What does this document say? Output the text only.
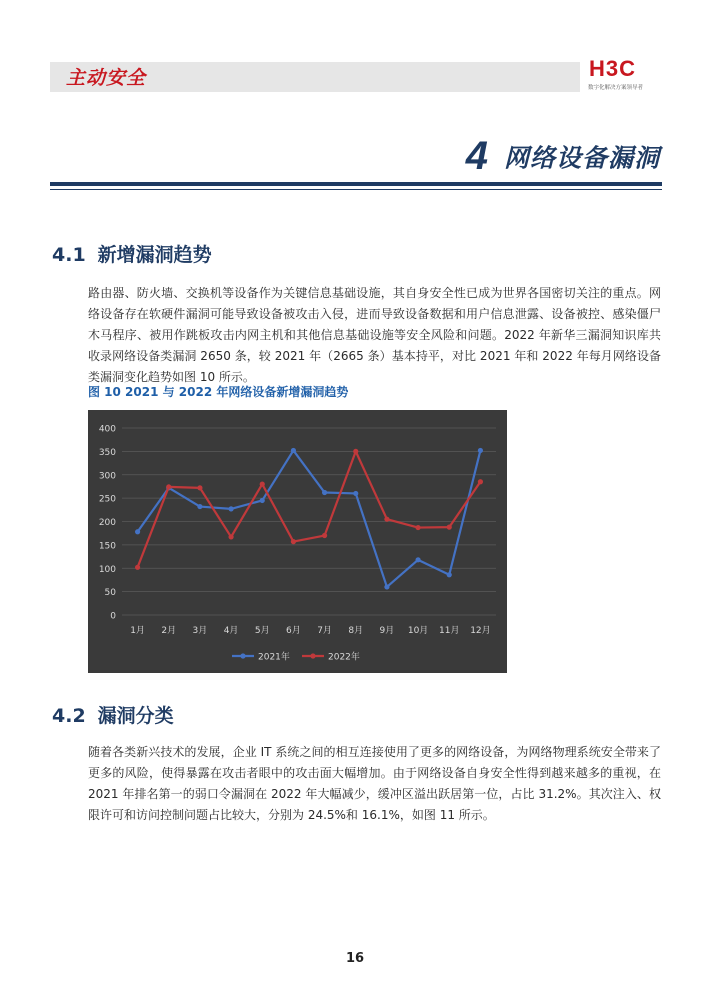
主动安全	H3C
数字化解决方案领导者
4 网络设备漏洞
4.1 新增漏洞趋势

路由器、防火墙、交换机等设备作为关键信息基础设施，其自身安全性已成为世界各国密切关注的重点。网络设备存在软硬件漏洞可能导致设备被攻击入侵，进而导致设备数据和用户信息泄露、设备被控、感染僵尸木马程序、被用作跳板攻击内网主机和其他信息基础设施等安全风险和问题。2022 年新华三漏洞知识库共收录网络设备类漏洞 2650 条，较 2021 年（2665 条）基本持平，对比 2021 年和 2022 年每月网络设备类漏洞变化趋势如图 10 所示。

图 10 2021 与 2022 年网络设备新增漏洞趋势
0
50
100
150
200
250
300
350
400
1月 2月 3月 4月 5月 6月 7月 8月 9月 10月 11月 12月
2021年	2022年
4.2 漏洞分类

随着各类新兴技术的发展，企业 IT 系统之间的相互连接使用了更多的网络设备，为网络物理系统安全带来了更多的风险，使得暴露在攻击者眼中的攻击面大幅增加。由于网络设备自身安全性得到越来越多的重视，在 2021 年排名第一的弱口令漏洞在 2022 年大幅减少，缓冲区溢出跃居第一位，占比 31.2%。其次注入、权限许可和访问控制问题占比较大，分别为 24.5%和 16.1%，如图 11 所示。

16
